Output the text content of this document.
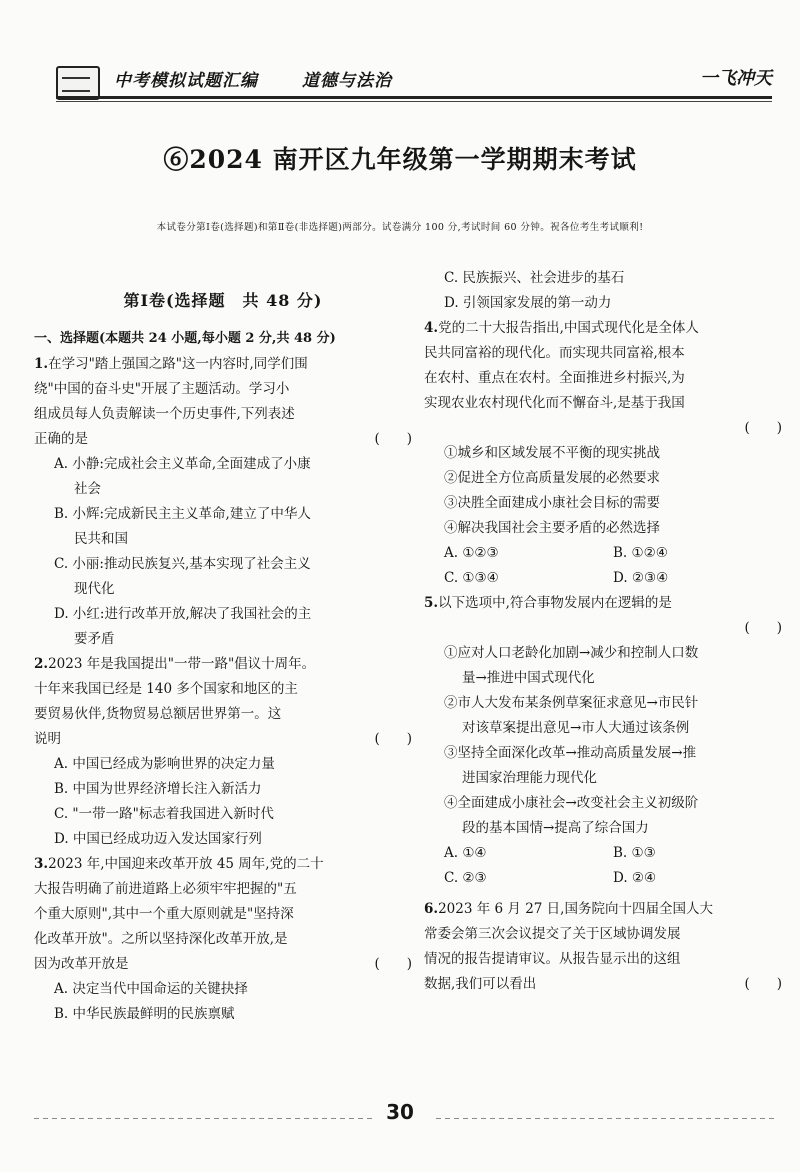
中考模拟试题汇编	道德与法治	一飞冲天
⑥2024 南开区九年级第一学期期末考试
本试卷分第Ⅰ卷(选择题)和第Ⅱ卷(非选择题)两部分。试卷满分 100 分,考试时间 60 分钟。祝各位考生考试顺利!
第Ⅰ卷(选择题　共 48 分)
一、选择题(本题共 24 小题,每小题 2 分,共 48 分)
1.在学习"踏上强国之路"这一内容时,同学们围
绕"中国的奋斗史"开展了主题活动。学习小
组成员每人负责解读一个历史事件,下列表述
正确的是	(　　)
A. 小静:完成社会主义革命,全面建成了小康
社会
B. 小辉:完成新民主主义革命,建立了中华人
民共和国
C. 小丽:推动民族复兴,基本实现了社会主义
现代化
D. 小红:进行改革开放,解决了我国社会的主
要矛盾
2.2023 年是我国提出"一带一路"倡议十周年。
十年来我国已经是 140 多个国家和地区的主
要贸易伙伴,货物贸易总额居世界第一。这
说明	(　　)
A. 中国已经成为影响世界的决定力量
B. 中国为世界经济增长注入新活力
C. "一带一路"标志着我国进入新时代
D. 中国已经成功迈入发达国家行列
3.2023 年,中国迎来改革开放 45 周年,党的二十
大报告明确了前进道路上必须牢牢把握的"五
个重大原则",其中一个重大原则就是"坚持深
化改革开放"。之所以坚持深化改革开放,是
因为改革开放是	(　　)
A. 决定当代中国命运的关键抉择
B. 中华民族最鲜明的民族禀赋
C. 民族振兴、社会进步的基石
D. 引领国家发展的第一动力
4.党的二十大报告指出,中国式现代化是全体人
民共同富裕的现代化。而实现共同富裕,根本
在农村、重点在农村。全面推进乡村振兴,为
实现农业农村现代化而不懈奋斗,是基于我国
(　　)
①城乡和区域发展不平衡的现实挑战
②促进全方位高质量发展的必然要求
③决胜全面建成小康社会目标的需要
④解决我国社会主要矛盾的必然选择
A. ①②③	B. ①②④
C. ①③④	D. ②③④
5.以下选项中,符合事物发展内在逻辑的是
(　　)
①应对人口老龄化加剧→减少和控制人口数
量→推进中国式现代化
②市人大发布某条例草案征求意见→市民针
对该草案提出意见→市人大通过该条例
③坚持全面深化改革→推动高质量发展→推
进国家治理能力现代化
④全面建成小康社会→改变社会主义初级阶
段的基本国情→提高了综合国力
A. ①④	B. ①③
C. ②③	D. ②④
6.2023 年 6 月 27 日,国务院向十四届全国人大
常委会第三次会议提交了关于区域协调发展
情况的报告提请审议。从报告显示出的这组
数据,我们可以看出	(　　)
30
